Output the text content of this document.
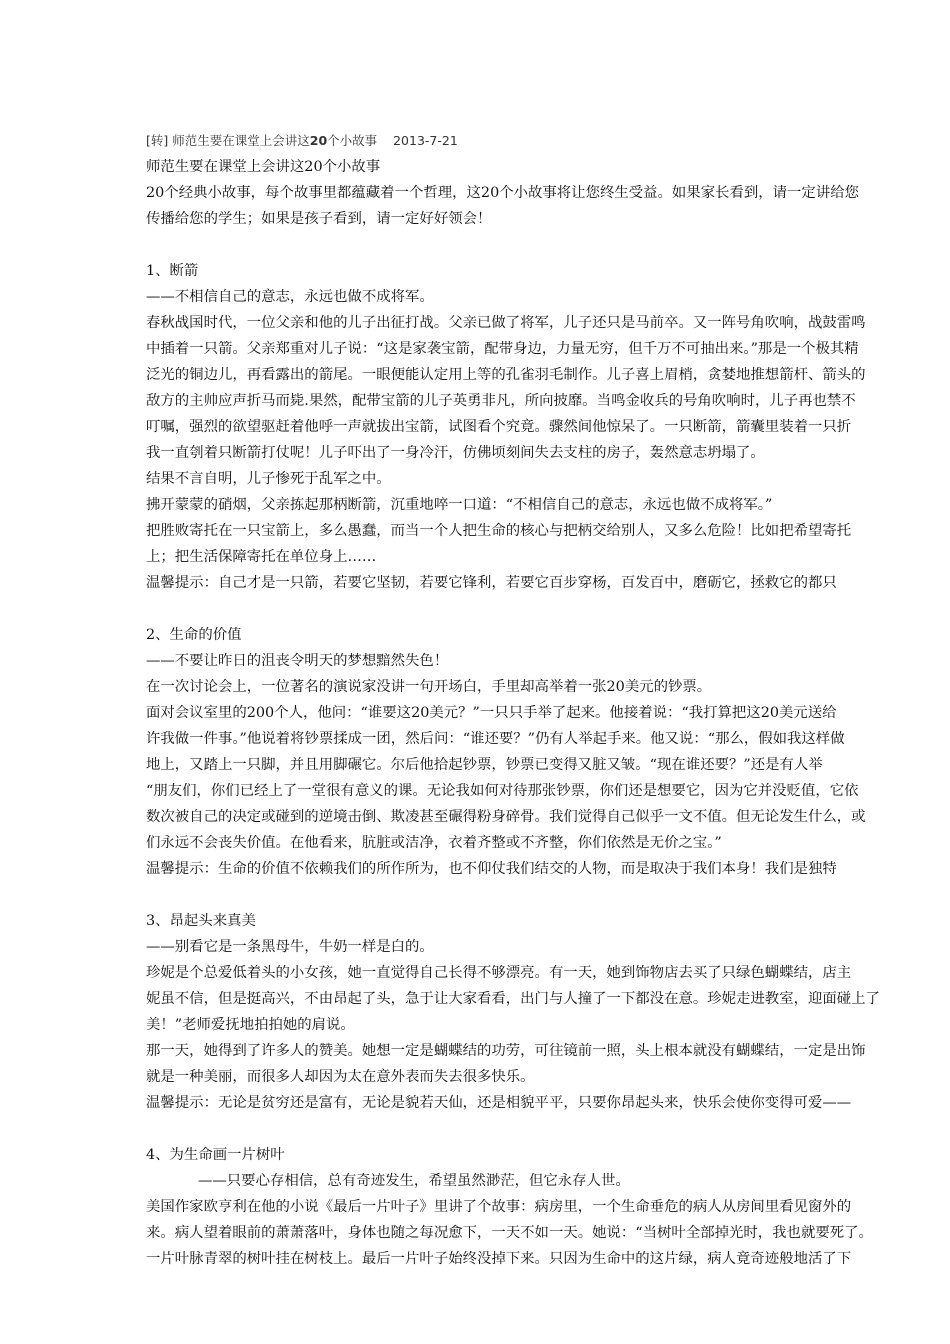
[转] 师范生要在课堂上会讲这20个小故事 2013-7-21
师范生要在课堂上会讲这20个小故事
20个经典小故事，每个故事里都蕴藏着一个哲理，这20个小故事将让您终生受益。如果家长看到，请一定讲给您
传播给您的学生；如果是孩子看到，请一定好好领会！
1、断箭
——不相信自己的意志，永远也做不成将军。
春秋战国时代，一位父亲和他的儿子出征打战。父亲已做了将军，儿子还只是马前卒。又一阵号角吹响，战鼓雷鸣
中插着一只箭。父亲郑重对儿子说：“这是家袭宝箭，配带身边，力量无穷，但千万不可抽出来。”那是一个极其精
泛光的铜边儿，再看露出的箭尾。一眼便能认定用上等的孔雀羽毛制作。儿子喜上眉梢，贪婪地推想箭杆、箭头的
敌方的主帅应声折马而毙.果然，配带宝箭的儿子英勇非凡，所向披靡。当鸣金收兵的号角吹响时，儿子再也禁不
叮嘱，强烈的欲望驱赶着他呼一声就拔出宝箭，试图看个究竟。骤然间他惊呆了。一只断箭，箭囊里装着一只折
我一直刳着只断箭打仗呢！儿子吓出了一身冷汗，仿佛顷刻间失去支柱的房子，轰然意志坍塌了。
结果不言自明，儿子惨死于乱军之中。
拂开蒙蒙的硝烟，父亲拣起那柄断箭，沉重地啐一口道：“不相信自己的意志，永远也做不成将军。”
把胜败寄托在一只宝箭上，多么愚蠢，而当一个人把生命的核心与把柄交给别人，又多么危险！比如把希望寄托
上；把生活保障寄托在单位身上……
温馨提示：自己才是一只箭，若要它坚韧，若要它锋利，若要它百步穿杨，百发百中，磨砺它，拯救它的都只
2、生命的价值
——不要让昨日的沮丧令明天的梦想黯然失色！
在一次讨论会上，一位著名的演说家没讲一句开场白，手里却高举着一张20美元的钞票。
面对会议室里的200个人，他问：“谁要这20美元？”一只只手举了起来。他接着说：“我打算把这20美元送给
许我做一件事。”他说着将钞票揉成一团，然后问：“谁还要？”仍有人举起手来。他又说：“那么，假如我这样做
地上，又踏上一只脚，并且用脚碾它。尔后他拾起钞票，钞票已变得又脏又皱。“现在谁还要？”还是有人举
“朋友们，你们已经上了一堂很有意义的课。无论我如何对待那张钞票，你们还是想要它，因为它并没贬值，它依
数次被自己的决定或碰到的逆境击倒、欺凌甚至碾得粉身碎骨。我们觉得自己似乎一文不值。但无论发生什么，或
们永远不会丧失价值。在他看来，肮脏或洁净，衣着齐整或不齐整，你们依然是无价之宝。”
温馨提示：生命的价值不依赖我们的所作所为，也不仰仗我们结交的人物，而是取决于我们本身！我们是独特
3、昂起头来真美
——别看它是一条黑母牛，牛奶一样是白的。
珍妮是个总爱低着头的小女孩，她一直觉得自己长得不够漂亮。有一天，她到饰物店去买了只绿色蝴蝶结，店主
妮虽不信，但是挺高兴，不由昂起了头，急于让大家看看，出门与人撞了一下都没在意。珍妮走进教室，迎面碰上了
美！”老师爱抚地拍拍她的肩说。
那一天，她得到了许多人的赞美。她想一定是蝴蝶结的功劳，可往镜前一照，头上根本就没有蝴蝶结，一定是出饰
就是一种美丽，而很多人却因为太在意外表而失去很多快乐。
温馨提示：无论是贫穷还是富有，无论是貌若天仙，还是相貌平平，只要你昂起头来，快乐会使你变得可爱——
4、为生命画一片树叶
——只要心存相信，总有奇迹发生，希望虽然渺茫，但它永存人世。
美国作家欧亨利在他的小说《最后一片叶子》里讲了个故事：病房里，一个生命垂危的病人从房间里看见窗外的
来。病人望着眼前的萧萧落叶，身体也随之每况愈下，一天不如一天。她说：“当树叶全部掉光时，我也就要死了。
一片叶脉青翠的树叶挂在树枝上。最后一片叶子始终没掉下来。只因为生命中的这片绿，病人竟奇迹般地活了下
